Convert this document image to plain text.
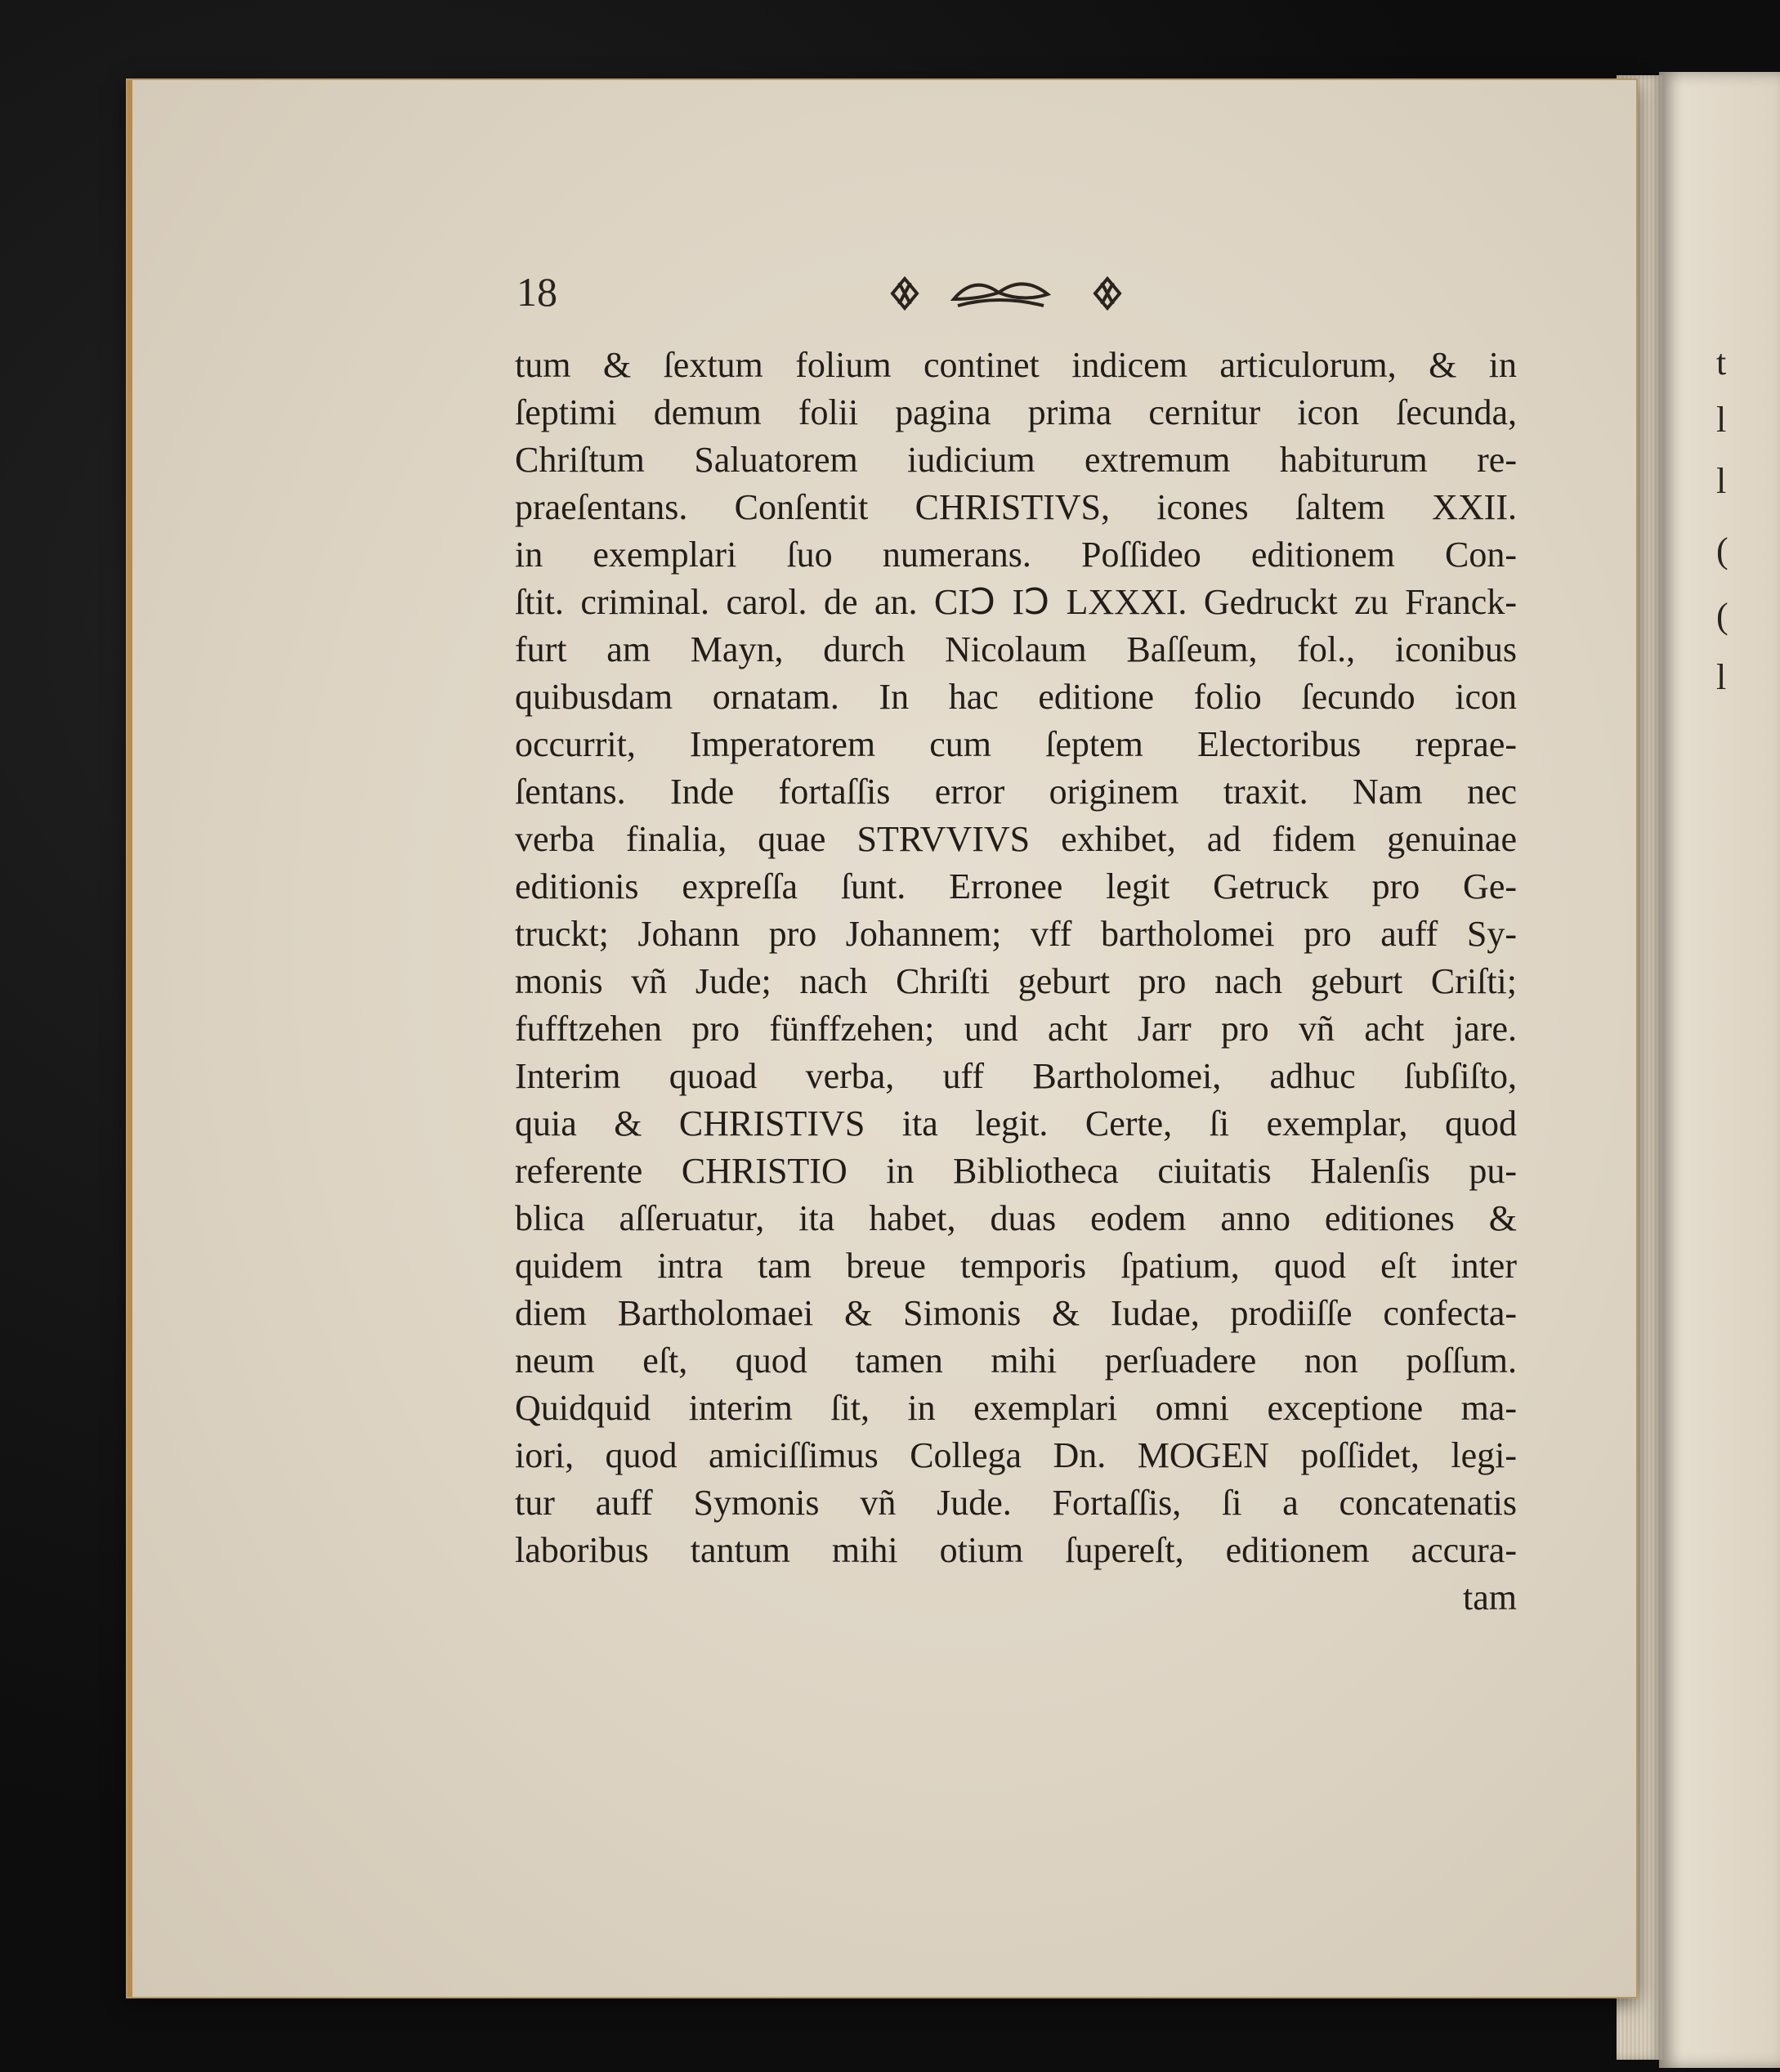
t
l
l
(
(
l
18
tum & ſextum folium continet indicem articulorum, & in
ſeptimi demum folii pagina prima cernitur icon ſecunda,
Chriſtum Saluatorem iudicium extremum habiturum re-
praeſentans. Conſentit CHRISTIVS, icones ſaltem XXII.
in exemplari ſuo numerans. Poſſideo editionem Con-
ſtit. criminal. carol. de an. CIↃ IↃ LXXXI. Gedruckt zu Franck-
furt am Mayn, durch Nicolaum Baſſeum, fol., iconibus
quibusdam ornatam. In hac editione folio ſecundo icon
occurrit, Imperatorem cum ſeptem Electoribus reprae-
ſentans. Inde fortaſſis error originem traxit. Nam nec
verba finalia, quae STRVVIVS exhibet, ad fidem genuinae
editionis expreſſa ſunt. Erronee legit Getruck pro Ge-
truckt; Johann pro Johannem; vff bartholomei pro auff Sy-
monis vñ Jude; nach Chriſti geburt pro nach geburt Criſti;
fufftzehen pro fünffzehen; und acht Jarr pro vñ acht jare.
Interim quoad verba, uff Bartholomei, adhuc ſubſiſto,
quia & CHRISTIVS ita legit. Certe, ſi exemplar, quod
referente CHRISTIO in Bibliotheca ciuitatis Halenſis pu-
blica aſſeruatur, ita habet, duas eodem anno editiones &
quidem intra tam breue temporis ſpatium, quod eſt inter
diem Bartholomaei & Simonis & Iudae, prodiiſſe confecta-
neum eſt, quod tamen mihi perſuadere non poſſum.
Quidquid interim ſit, in exemplari omni exceptione ma-
iori, quod amiciſſimus Collega Dn. MOGEN poſſidet, legi-
tur auff Symonis vñ Jude. Fortaſſis, ſi a concatenatis
laboribus tantum mihi otium ſupereſt, editionem accura-
tam
